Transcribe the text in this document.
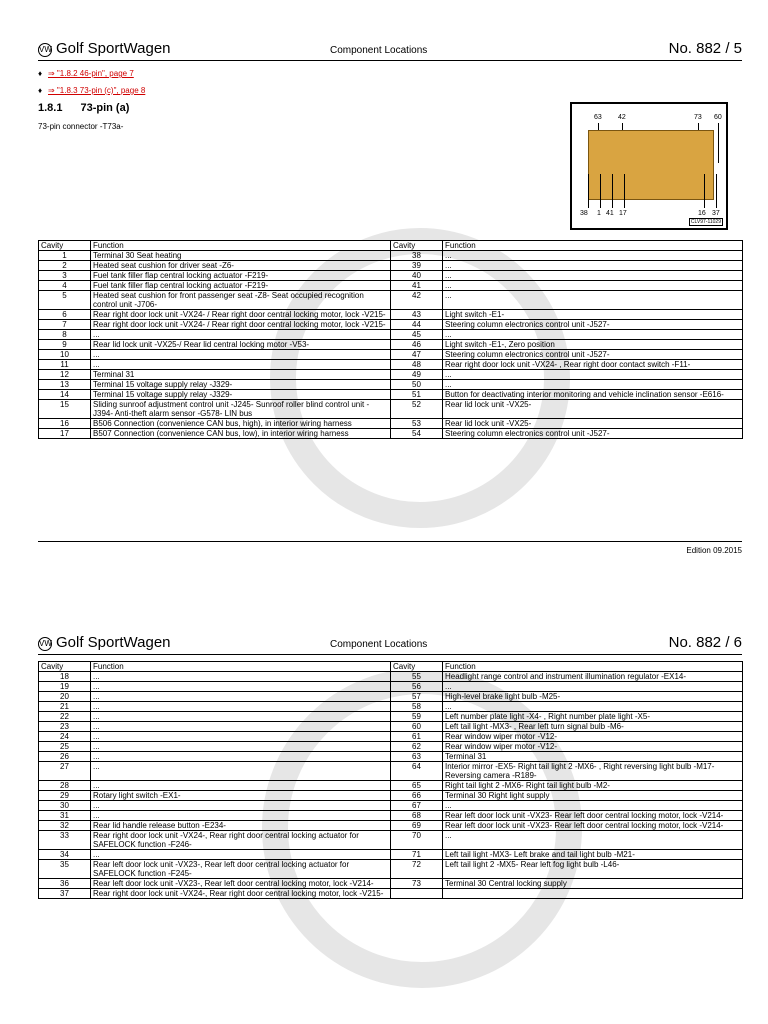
VW Golf SportWagen	Component Locations	No. 882 / 5
♦ ⇒ "1.8.2 46-pin", page 7
♦ ⇒ "1.8.3 73-pin (c)", page 8
1.8.1 73-pin (a)
73-pin connector -T73a-
63 42	73 60
38 1 41 17	16 37
CLV97-11029
Cavity	Function	Cavity	Function
1	Terminal 30 Seat heating	38	...
2	Heated seat cushion for driver seat -Z6-	39	...
3	Fuel tank filler flap central locking actuator -F219-	40	...
4	Fuel tank filler flap central locking actuator -F219-	41	...
5	Heated seat cushion for front passenger seat -Z8- Seat occupied recognition control unit -J706-	42	...
6	Rear right door lock unit -VX24- / Rear right door central locking motor, lock -V215-	43	Light switch -E1-
7	Rear right door lock unit -VX24- / Rear right door central locking motor, lock -V215-	44	Steering column electronics control unit -J527-
8	...	45	...
9	Rear lid lock unit -VX25-/ Rear lid central locking motor -V53-	46	Light switch -E1-, Zero position
10	...	47	Steering column electronics control unit -J527-
11	...	48	Rear right door lock unit -VX24- , Rear right door contact switch -F11-
12	Terminal 31	49	...
13	Terminal 15 voltage supply relay -J329-	50	...
14	Terminal 15 voltage supply relay -J329-	51	Button for deactivating interior monitoring and vehicle inclination sensor -E616-
15	Sliding sunroof adjustment control unit -J245- Sunroof roller blind control unit -J394- Anti-theft alarm sensor -G578- LIN bus	52	Rear lid lock unit -VX25-
16	B506 Connection (convenience CAN bus, high), in interior wiring harness	53	Rear lid lock unit -VX25-
17	B507 Connection (convenience CAN bus, low), in interior wiring harness	54	Steering column electronics control unit -J527-
Edition 09.2015
VW Golf SportWagen	Component Locations	No. 882 / 6
Cavity	Function	Cavity	Function
18	...	55	Headlight range control and instrument illumination regulator -EX14-
19	...	56	...
20	...	57	High-level brake light bulb -M25-
21	...	58	...
22	...	59	Left number plate light -X4- , Right number plate light -X5-
23	...	60	Left tail light -MX3- , Rear left turn signal bulb -M6-
24	...	61	Rear window wiper motor -V12-
25	...	62	Rear window wiper motor -V12-
26	...	63	Terminal 31
27	...	64	Interior mirror -EX5- Right tail light 2 -MX6- , Right reversing light bulb -M17- Reversing camera -R189-
28	...	65	Right tail light 2 -MX6- Right tail light bulb -M2-
29	Rotary light switch -EX1-	66	Terminal 30 Right light supply
30	...	67	...
31	...	68	Rear left door lock unit -VX23- Rear left door central locking motor, lock -V214-
32	Rear lid handle release button -E234-	69	Rear left door lock unit -VX23- Rear left door central locking motor, lock -V214-
33	Rear right door lock unit -VX24-, Rear right door central locking actuator for SAFELOCK function -F246-	70	...
34	...	71	Left tail light -MX3- Left brake and tail light bulb -M21-
35	Rear left door lock unit -VX23-, Rear left door central locking actuator for SAFELOCK function -F245-	72	Left tail light 2 -MX5- Rear left fog light bulb -L46-
36	Rear left door lock unit -VX23-, Rear left door central locking motor, lock -V214-	73	Terminal 30 Central locking supply
37	Rear right door lock unit -VX24-, Rear right door central locking motor, lock -V215-		
